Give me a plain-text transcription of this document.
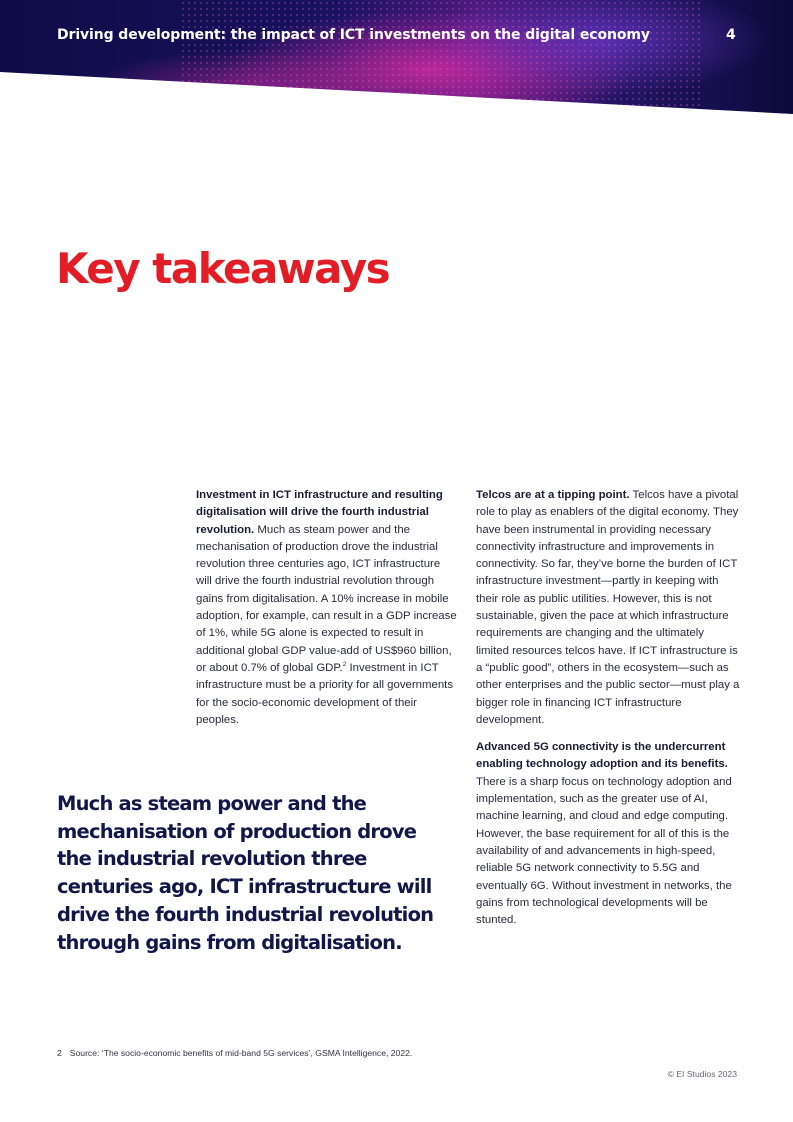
Driving development: the impact of ICT investments on the digital economy	4
Key takeaways

Investment in ICT infrastructure and resulting digitalisation will drive the fourth industrial revolution. Much as steam power and the mechanisation of production drove the industrial revolution three centuries ago, ICT infrastructure will drive the fourth industrial revolution through gains from digitalisation. A 10% increase in mobile adoption, for example, can result in a GDP increase of 1%, while 5G alone is expected to result in additional global GDP value-add of US$960 billion, or about 0.7% of global GDP.$^2$ Investment in ICT infrastructure must be a priority for all governments for the socio-economic development of their peoples.

Telcos are at a tipping point. Telcos have a pivotal role to play as enablers of the digital economy. They have been instrumental in providing necessary connectivity infrastructure and improvements in connectivity. So far, they’ve borne the burden of ICT infrastructure investment—partly in keeping with their role as public utilities. However, this is not sustainable, given the pace at which infrastructure requirements are changing and the ultimately limited resources telcos have. If ICT infrastructure is a “public good”, others in the ecosystem—such as other enterprises and the public sector—must play a bigger role in financing ICT infrastructure development.

Advanced 5G connectivity is the undercurrent enabling technology adoption and its benefits. There is a sharp focus on technology adoption and implementation, such as the greater use of AI, machine learning, and cloud and edge computing. However, the base requirement for all of this is the availability of and advancements in high-speed, reliable 5G network connectivity to 5.5G and eventually 6G. Without investment in networks, the gains from technological developments will be stunted.

Much as steam power and the mechanisation of production drove the industrial revolution three centuries ago, ICT infrastructure will drive the fourth industrial revolution through gains from digitalisation.

2 Source: ‘The socio-economic benefits of mid-band 5G services’, GSMA Intelligence, 2022.

© EI Studios 2023
